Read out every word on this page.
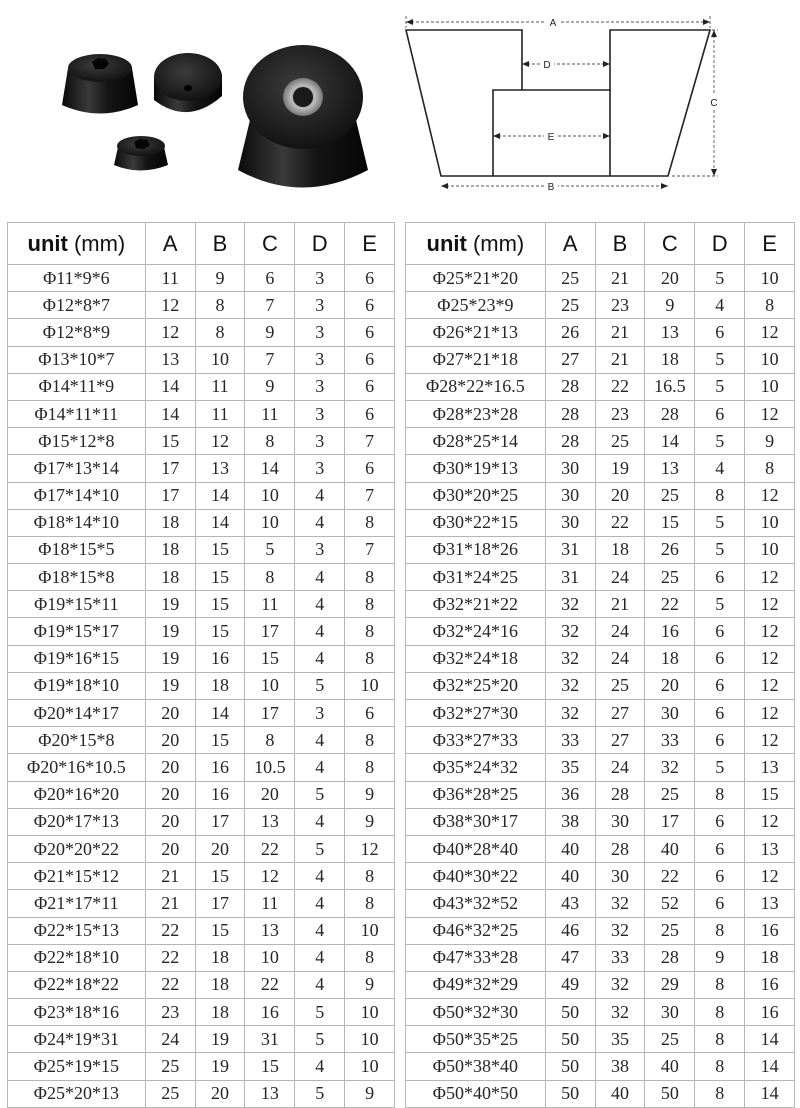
A
D
E
B
C
unit (mm)	A	B	C	D	E
Φ11*9*6	11	9	6	3	6
Φ12*8*7	12	8	7	3	6
Φ12*8*9	12	8	9	3	6
Φ13*10*7	13	10	7	3	6
Φ14*11*9	14	11	9	3	6
Φ14*11*11	14	11	11	3	6
Φ15*12*8	15	12	8	3	7
Φ17*13*14	17	13	14	3	6
Φ17*14*10	17	14	10	4	7
Φ18*14*10	18	14	10	4	8
Φ18*15*5	18	15	5	3	7
Φ18*15*8	18	15	8	4	8
Φ19*15*11	19	15	11	4	8
Φ19*15*17	19	15	17	4	8
Φ19*16*15	19	16	15	4	8
Φ19*18*10	19	18	10	5	10
Φ20*14*17	20	14	17	3	6
Φ20*15*8	20	15	8	4	8
Φ20*16*10.5	20	16	10.5	4	8
Φ20*16*20	20	16	20	5	9
Φ20*17*13	20	17	13	4	9
Φ20*20*22	20	20	22	5	12
Φ21*15*12	21	15	12	4	8
Φ21*17*11	21	17	11	4	8
Φ22*15*13	22	15	13	4	10
Φ22*18*10	22	18	10	4	8
Φ22*18*22	22	18	22	4	9
Φ23*18*16	23	18	16	5	10
Φ24*19*31	24	19	31	5	10
Φ25*19*15	25	19	15	4	10
Φ25*20*13	25	20	13	5	9
unit (mm)	A	B	C	D	E
Φ25*21*20	25	21	20	5	10
Φ25*23*9	25	23	9	4	8
Φ26*21*13	26	21	13	6	12
Φ27*21*18	27	21	18	5	10
Φ28*22*16.5	28	22	16.5	5	10
Φ28*23*28	28	23	28	6	12
Φ28*25*14	28	25	14	5	9
Φ30*19*13	30	19	13	4	8
Φ30*20*25	30	20	25	8	12
Φ30*22*15	30	22	15	5	10
Φ31*18*26	31	18	26	5	10
Φ31*24*25	31	24	25	6	12
Φ32*21*22	32	21	22	5	12
Φ32*24*16	32	24	16	6	12
Φ32*24*18	32	24	18	6	12
Φ32*25*20	32	25	20	6	12
Φ32*27*30	32	27	30	6	12
Φ33*27*33	33	27	33	6	12
Φ35*24*32	35	24	32	5	13
Φ36*28*25	36	28	25	8	15
Φ38*30*17	38	30	17	6	12
Φ40*28*40	40	28	40	6	13
Φ40*30*22	40	30	22	6	12
Φ43*32*52	43	32	52	6	13
Φ46*32*25	46	32	25	8	16
Φ47*33*28	47	33	28	9	18
Φ49*32*29	49	32	29	8	16
Φ50*32*30	50	32	30	8	16
Φ50*35*25	50	35	25	8	14
Φ50*38*40	50	38	40	8	14
Φ50*40*50	50	40	50	8	14
